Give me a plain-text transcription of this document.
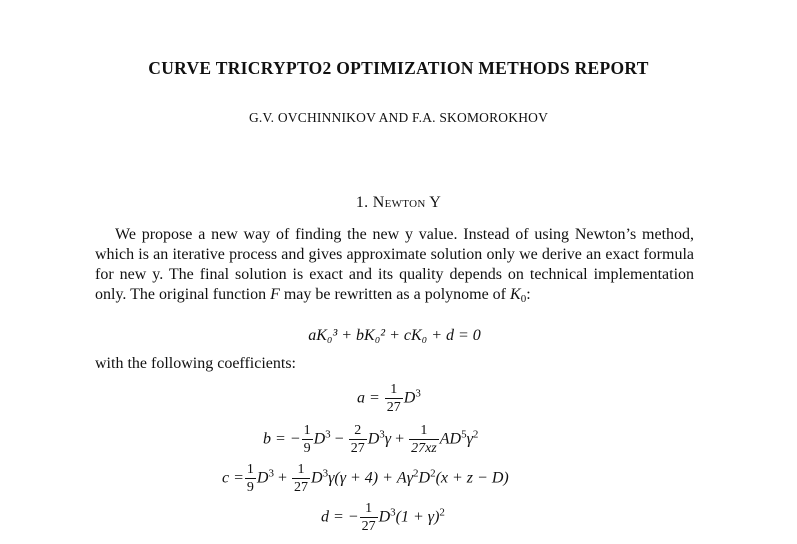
CURVE TRICRYPTO2 OPTIMIZATION METHODS REPORT
G.V. OVCHINNIKOV AND F.A. SKOMOROKHOV
1. Newton Y
We propose a new way of finding the new y value. Instead of using Newton’s method, which is an iterative process and gives approximate solution only we derive an exact formula for new y. The final solution is exact and its quality depends on technical implementation only. The original function F may be rewritten as a polynome of $K_0$:
aK₀³ + bK₀² + cK₀ + d = 0
with the following coefficients:
$a = \frac{1}{27} D^3$
b = − $\frac{1}{9} D^3 - \frac{2}{27} D^3\gamma + \frac{1}{27xz} AD^5\gamma^2$
$c = \frac{1}{9} D^3 + \frac{1}{27} D^3\gamma(\gamma + 4) + A\gamma^2D^2(x + z - D)$
d = − $\frac{1}{27} D^3(1 + \gamma)^2$
